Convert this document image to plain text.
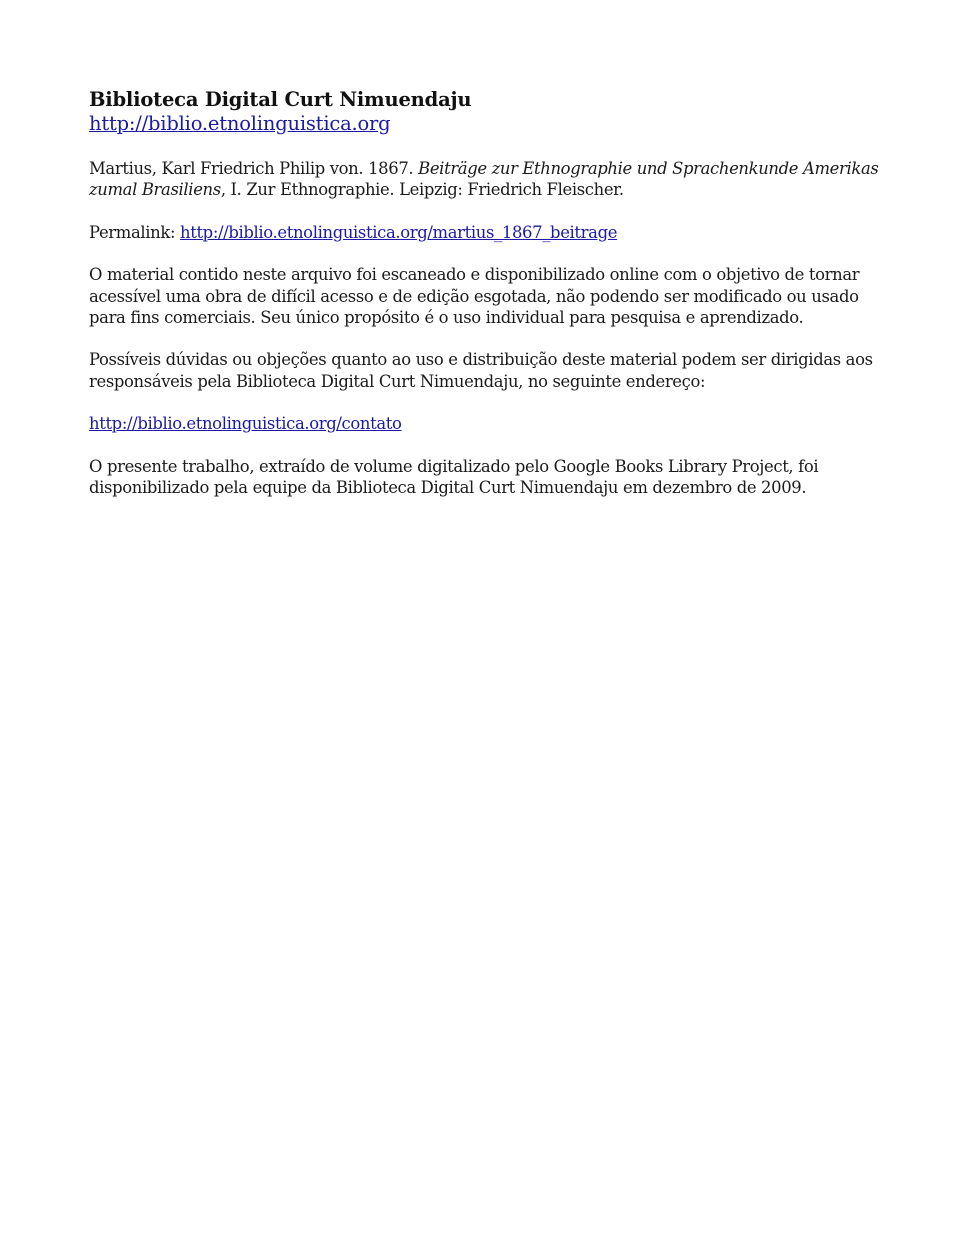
Biblioteca Digital Curt Nimuendaju
http://biblio.etnolinguistica.org

Martius, Karl Friedrich Philip von. 1867. Beiträge zur Ethnographie und Sprachenkunde Amerikas zumal Brasiliens, I. Zur Ethnographie. Leipzig: Friedrich Fleischer.

Permalink: http://biblio.etnolinguistica.org/martius_1867_beitrage

O material contido neste arquivo foi escaneado e disponibilizado online com o objetivo de tornar acessível uma obra de difícil acesso e de edição esgotada, não podendo ser modificado ou usado para fins comerciais. Seu único propósito é o uso individual para pesquisa e aprendizado.

Possíveis dúvidas ou objeções quanto ao uso e distribuição deste material podem ser dirigidas aos responsáveis pela Biblioteca Digital Curt Nimuendaju, no seguinte endereço:

http://biblio.etnolinguistica.org/contato

O presente trabalho, extraído de volume digitalizado pelo Google Books Library Project, foi disponibilizado pela equipe da Biblioteca Digital Curt Nimuendaju em dezembro de 2009.
